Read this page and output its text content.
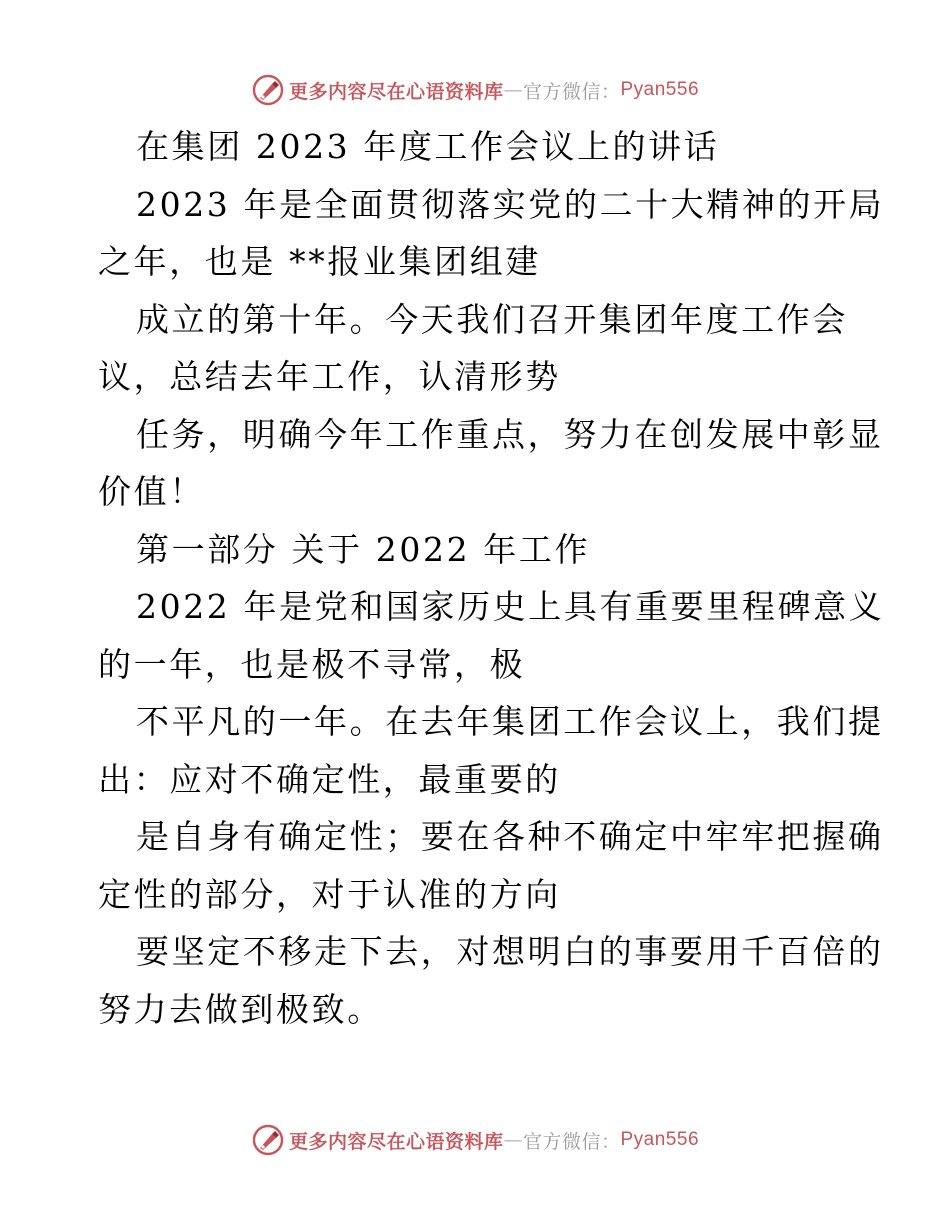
更多内容尽在心语资料库 — 官方微信： Pyan556
在集团 2023 年度工作会议上的讲话
2023 年是全面贯彻落实党的二十大精神的开局
之年，也是 **报业集团组建
成立的第十年。今天我们召开集团年度工作会
议，总结去年工作，认清形势
任务，明确今年工作重点，努力在创发展中彰显
价值！
第一部分 关于 2022 年工作
2022 年是党和国家历史上具有重要里程碑意义
的一年，也是极不寻常，极
不平凡的一年。在去年集团工作会议上，我们提
出：应对不确定性，最重要的
是自身有确定性；要在各种不确定中牢牢把握确
定性的部分，对于认准的方向
要坚定不移走下去，对想明白的事要用千百倍的
努力去做到极致。
更多内容尽在心语资料库 — 官方微信： Pyan556
